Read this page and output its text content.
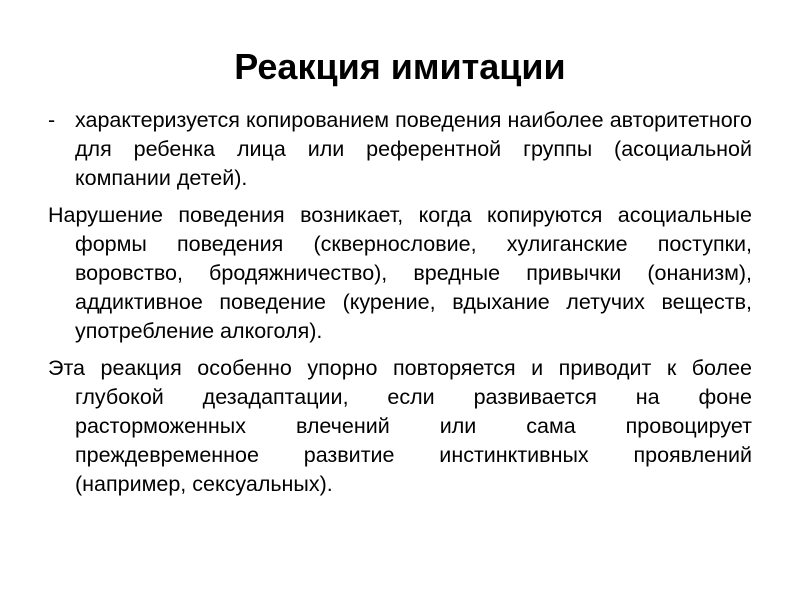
Реакция имитации
- характеризуется копированием поведения наиболее авторитетного для ребенка лица или референтной группы (асоциальной компании детей).

Нарушение поведения возникает, когда копируются асоциальные формы поведения (сквернословие, хулиганские поступки, воровство, бродяжничество), вредные привычки (онанизм), аддиктивное поведение (курение, вдыхание летучих веществ, употребление алкоголя).

Эта реакция особенно упорно повторяется и приводит к более глубокой дезадаптации, если развивается на фоне расторможенных влечений или сама провоцирует преждевременное развитие инстинктивных проявлений (например, сексуальных).
